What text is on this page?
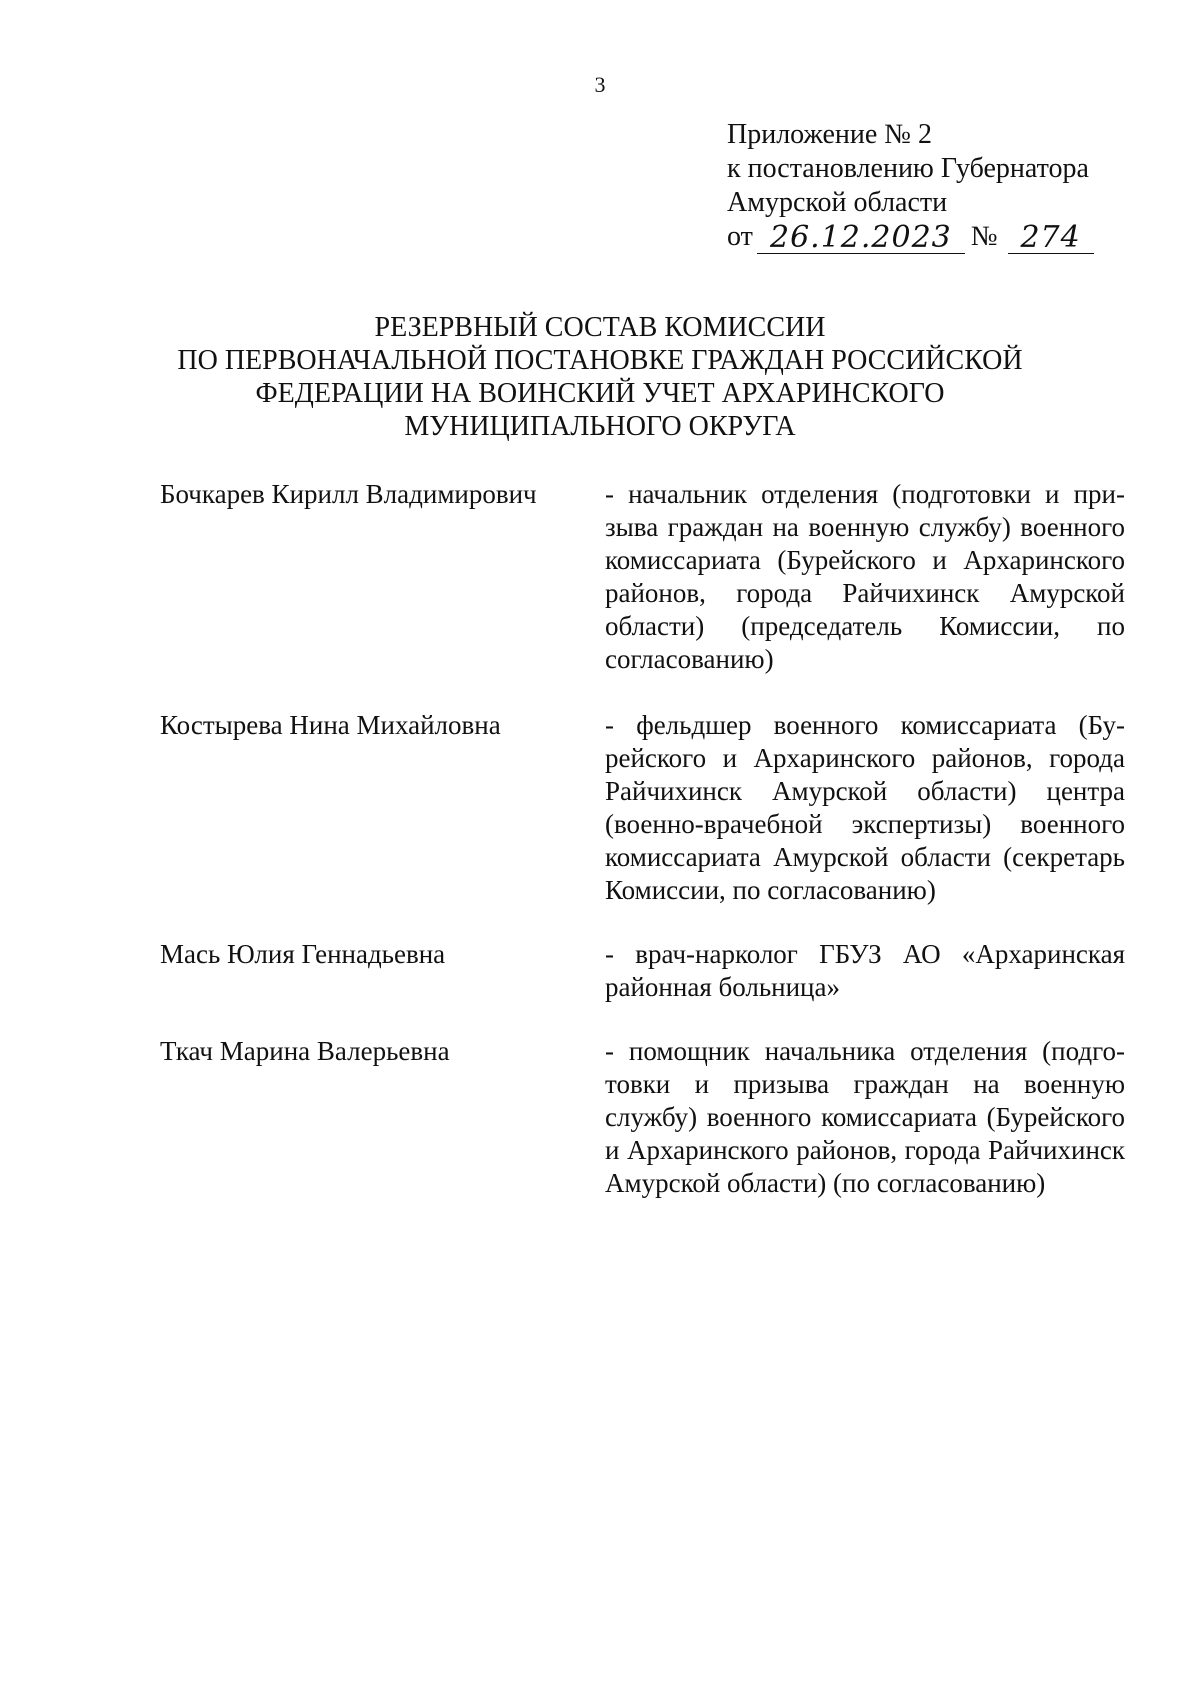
3
Приложение № 2
к постановлению Губернатора
Амурской области
от 26.12.2023 № 274
РЕЗЕРВНЫЙ СОСТАВ КОМИССИИ
ПО ПЕРВОНАЧАЛЬНОЙ ПОСТАНОВКЕ ГРАЖДАН РОССИЙСКОЙ
ФЕДЕРАЦИИ НА ВОИНСКИЙ УЧЕТ АРХАРИНСКОГО
МУНИЦИПАЛЬНОГО ОКРУГА
Бочкарев Кирилл Владимирович	- начальник отделения (подготовки и призыва граждан на военную службу) военного комиссариата (Бурейского и Архаринского районов, города Райчихинск Амурской области) (председатель Комиссии, по согласованию)
Костырева Нина Михайловна	- фельдшер военного комиссариата (Бурейского и Архаринского районов, города Райчихинск Амурской области) центра (военно-врачебной экспертизы) военного комиссариата Амурской области (секретарь Комиссии, по согласованию)
Мась Юлия Геннадьевна	- врач-нарколог ГБУЗ АО «Архаринская районная больница»
Ткач Марина Валерьевна	- помощник начальника отделения (подготовки и призыва граждан на военную службу) военного комиссариата (Бурейского и Архаринского районов, города Райчихинск Амурской области) (по согласованию)
